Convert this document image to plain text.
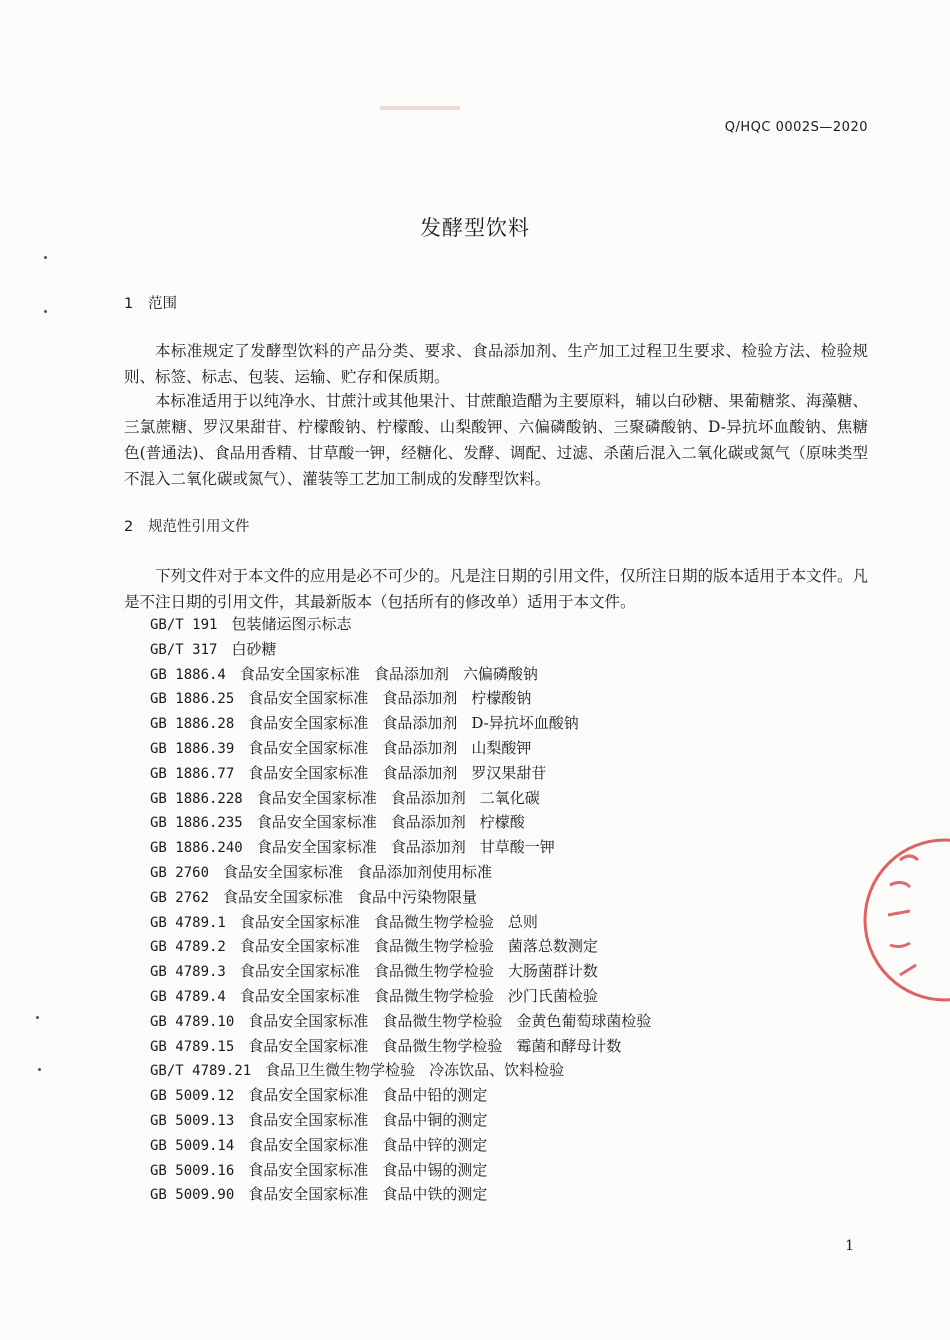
Q/HQC 0002S—2020
发酵型饮料
1 范围

本标准规定了发酵型饮料的产品分类、要求、食品添加剂、生产加工过程卫生要求、检验方法、检验规则、标签、标志、包装、运输、贮存和保质期。

本标准适用于以纯净水、甘蔗汁或其他果汁、甘蔗酿造醋为主要原料，辅以白砂糖、果葡糖浆、海藻糖、三氯蔗糖、罗汉果甜苷、柠檬酸钠、柠檬酸、山梨酸钾、六偏磷酸钠、三聚磷酸钠、D-异抗坏血酸钠、焦糖色(普通法)、食品用香精、甘草酸一钾，经糖化、发酵、调配、过滤、杀菌后混入二氧化碳或氮气（原味类型不混入二氧化碳或氮气）、灌装等工艺加工制成的发酵型饮料。

2 规范性引用文件

下列文件对于本文件的应用是必不可少的。凡是注日期的引用文件，仅所注日期的版本适用于本文件。凡是不注日期的引用文件，其最新版本（包括所有的修改单）适用于本文件。

GB/T 191 包装储运图示标志
GB/T 317 白砂糖
GB 1886.4 食品安全国家标准 食品添加剂 六偏磷酸钠
GB 1886.25 食品安全国家标准 食品添加剂 柠檬酸钠
GB 1886.28 食品安全国家标准 食品添加剂 D-异抗坏血酸钠
GB 1886.39 食品安全国家标准 食品添加剂 山梨酸钾
GB 1886.77 食品安全国家标准 食品添加剂 罗汉果甜苷
GB 1886.228 食品安全国家标准 食品添加剂 二氧化碳
GB 1886.235 食品安全国家标准 食品添加剂 柠檬酸
GB 1886.240 食品安全国家标准 食品添加剂 甘草酸一钾
GB 2760 食品安全国家标准 食品添加剂使用标准
GB 2762 食品安全国家标准 食品中污染物限量
GB 4789.1 食品安全国家标准 食品微生物学检验 总则
GB 4789.2 食品安全国家标准 食品微生物学检验 菌落总数测定
GB 4789.3 食品安全国家标准 食品微生物学检验 大肠菌群计数
GB 4789.4 食品安全国家标准 食品微生物学检验 沙门氏菌检验
GB 4789.10 食品安全国家标准 食品微生物学检验 金黄色葡萄球菌检验
GB 4789.15 食品安全国家标准 食品微生物学检验 霉菌和酵母计数
GB/T 4789.21 食品卫生微生物学检验 冷冻饮品、饮料检验
GB 5009.12 食品安全国家标准 食品中铅的测定
GB 5009.13 食品安全国家标准 食品中铜的测定
GB 5009.14 食品安全国家标准 食品中锌的测定
GB 5009.16 食品安全国家标准 食品中锡的测定
GB 5009.90 食品安全国家标准 食品中铁的测定
1
